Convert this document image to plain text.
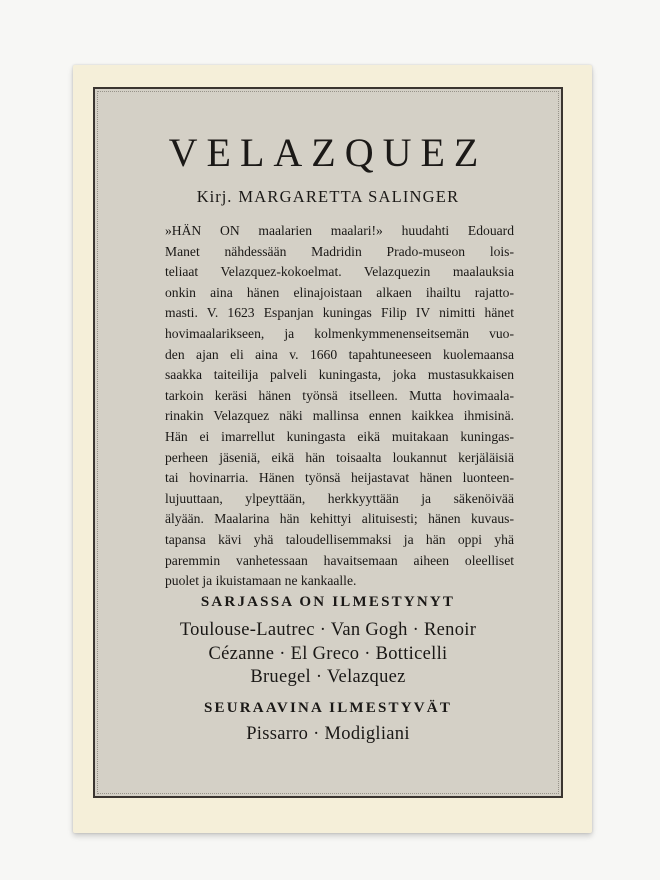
VELAZQUEZ
Kirj. MARGARETTA SALINGER
»HÄN ON maalarien maalari!» huudahti Edouard
Manet nähdessään Madridin Prado-museon lois-
teliaat Velazquez-kokoelmat. Velazquezin maalauksia
onkin aina hänen elinajoistaan alkaen ihailtu rajatto-
masti. V. 1623 Espanjan kuningas Filip IV nimitti hänet
hovimaalarikseen, ja kolmenkymmenenseitsemän vuo-
den ajan eli aina v. 1660 tapahtuneeseen kuolemaansa
saakka taiteilija palveli kuningasta, joka mustasukkaisen
tarkoin keräsi hänen työnsä itselleen. Mutta hovimaala-
rinakin Velazquez näki mallinsa ennen kaikkea ihmisinä.
Hän ei imarrellut kuningasta eikä muitakaan kuningas-
perheen jäseniä, eikä hän toisaalta loukannut kerjäläisiä
tai hovinarria. Hänen työnsä heijastavat hänen luonteen-
lujuuttaan, ylpeyttään, herkkyyttään ja säkenöivää
älyään. Maalarina hän kehittyi alituisesti; hänen kuvaus-
tapansa kävi yhä taloudellisemmaksi ja hän oppi yhä
paremmin vanhetessaan havaitsemaan aiheen oleelliset
puolet ja ikuistamaan ne kankaalle.
SARJASSA ON ILMESTYNYT
Toulouse-Lautrec · Van Gogh · Renoir
Cézanne · El Greco · Botticelli
Bruegel · Velazquez
SEURAAVINA ILMESTYVÄT
Pissarro · Modigliani
